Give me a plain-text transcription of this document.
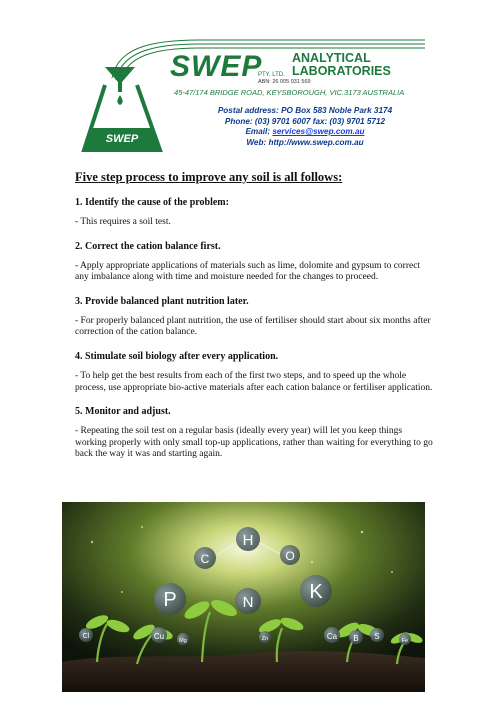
SWEP
SWEP
PTY. LTD.
ANALYTICAL
LABORATORIES
ABN: 26 005 031 569
45-47/174 BRIDGE ROAD, KEYSBOROUGH, VIC.3173 AUSTRALIA
Postal address: PO Box 583 Noble Park 3174
Phone: (03) 9701 6007 fax: (03) 9701 5712
Email: services@swep.com.au
Web: http://www.swep.com.au
Five step process to improve any soil is all follows:
1. Identify the cause of the problem:

- This requires a soil test.

2. Correct the cation balance first.

- Apply appropriate applications of materials such as lime, dolomite and gypsum to correct any imbalance along with time and moisture needed for the changes to proceed.

3. Provide balanced plant nutrition later.

- For properly balanced plant nutrition, the use of fertiliser should start about six months after correction of the cation balance.

4. Stimulate soil biology after every application.

- To help get the best results from each of the first two steps, and to speed up the whole process, use appropriate bio-active materials after each cation balance or fertiliser application.

5. Monitor and adjust.

- Repeating the soil test on a regular basis (ideally every year) will let you keep things working properly with only small top-up applications, rather than waiting for everything to go back the way it was and starting again.

C
H
O
P	N	K
Cl	Cu	Mg	Zn	Ca B S	Fe
